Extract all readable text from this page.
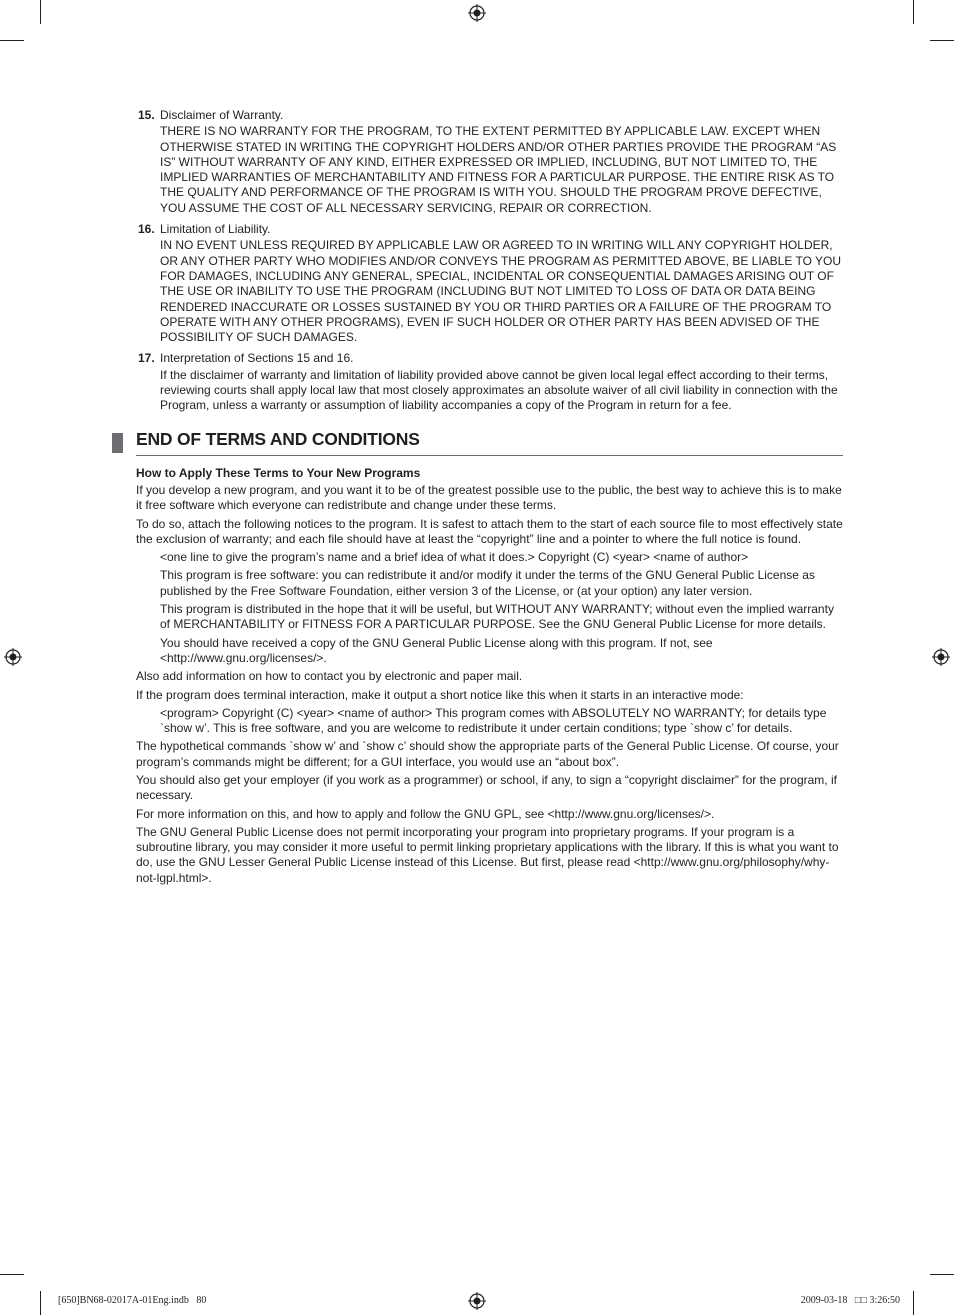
15. Disclaimer of Warranty.
THERE IS NO WARRANTY FOR THE PROGRAM, TO THE EXTENT PERMITTED BY APPLICABLE LAW. EXCEPT WHEN OTHERWISE STATED IN WRITING THE COPYRIGHT HOLDERS AND/OR OTHER PARTIES PROVIDE THE PROGRAM “AS IS” WITHOUT WARRANTY OF ANY KIND, EITHER EXPRESSED OR IMPLIED, INCLUDING, BUT NOT LIMITED TO, THE IMPLIED WARRANTIES OF MERCHANTABILITY AND FITNESS FOR A PARTICULAR PURPOSE. THE ENTIRE RISK AS TO THE QUALITY AND PERFORMANCE OF THE PROGRAM IS WITH YOU. SHOULD THE PROGRAM PROVE DEFECTIVE, YOU ASSUME THE COST OF ALL NECESSARY SERVICING, REPAIR OR CORRECTION.
16. Limitation of Liability.
IN NO EVENT UNLESS REQUIRED BY APPLICABLE LAW OR AGREED TO IN WRITING WILL ANY COPYRIGHT HOLDER, OR ANY OTHER PARTY WHO MODIFIES AND/OR CONVEYS THE PROGRAM AS PERMITTED ABOVE, BE LIABLE TO YOU FOR DAMAGES, INCLUDING ANY GENERAL, SPECIAL, INCIDENTAL OR CONSEQUENTIAL DAMAGES ARISING OUT OF THE USE OR INABILITY TO USE THE PROGRAM (INCLUDING BUT NOT LIMITED TO LOSS OF DATA OR DATA BEING RENDERED INACCURATE OR LOSSES SUSTAINED BY YOU OR THIRD PARTIES OR A FAILURE OF THE PROGRAM TO OPERATE WITH ANY OTHER PROGRAMS), EVEN IF SUCH HOLDER OR OTHER PARTY HAS BEEN ADVISED OF THE POSSIBILITY OF SUCH DAMAGES.
17. Interpretation of Sections 15 and 16.
If the disclaimer of warranty and limitation of liability provided above cannot be given local legal effect according to their terms, reviewing courts shall apply local law that most closely approximates an absolute waiver of all civil liability in connection with the Program, unless a warranty or assumption of liability accompanies a copy of the Program in return for a fee.
END OF TERMS AND CONDITIONS
How to Apply These Terms to Your New Programs

If you develop a new program, and you want it to be of the greatest possible use to the public, the best way to achieve this is to make it free software which everyone can redistribute and change under these terms.

To do so, attach the following notices to the program. It is safest to attach them to the start of each source file to most effectively state the exclusion of warranty; and each file should have at least the “copyright” line and a pointer to where the full notice is found.

<one line to give the program’s name and a brief idea of what it does.> Copyright (C) <year> <name of author>

This program is free software: you can redistribute it and/or modify it under the terms of the GNU General Public License as published by the Free Software Foundation, either version 3 of the License, or (at your option) any later version.

This program is distributed in the hope that it will be useful, but WITHOUT ANY WARRANTY; without even the implied warranty of MERCHANTABILITY or FITNESS FOR A PARTICULAR PURPOSE. See the GNU General Public License for more details.

You should have received a copy of the GNU General Public License along with this program. If not, see <http://www.gnu.org/licenses/>.

Also add information on how to contact you by electronic and paper mail.

If the program does terminal interaction, make it output a short notice like this when it starts in an interactive mode:

<program> Copyright (C) <year> <name of author> This program comes with ABSOLUTELY NO WARRANTY; for details type `show w’. This is free software, and you are welcome to redistribute it under certain conditions; type `show c’ for details.

The hypothetical commands `show w’ and `show c’ should show the appropriate parts of the General Public License. Of course, your program’s commands might be different; for a GUI interface, you would use an “about box”.

You should also get your employer (if you work as a programmer) or school, if any, to sign a “copyright disclaimer” for the program, if necessary.

For more information on this, and how to apply and follow the GNU GPL, see <http://www.gnu.org/licenses/>.

The GNU General Public License does not permit incorporating your program into proprietary programs. If your program is a subroutine library, you may consider it more useful to permit linking proprietary applications with the library. If this is what you want to do, use the GNU Lesser General Public License instead of this License. But first, please read <http://www.gnu.org/philosophy/why-not-lgpl.html>.

[650]BN68-02017A-01Eng.indb   80	2009-03-18   □□ 3:26:50
